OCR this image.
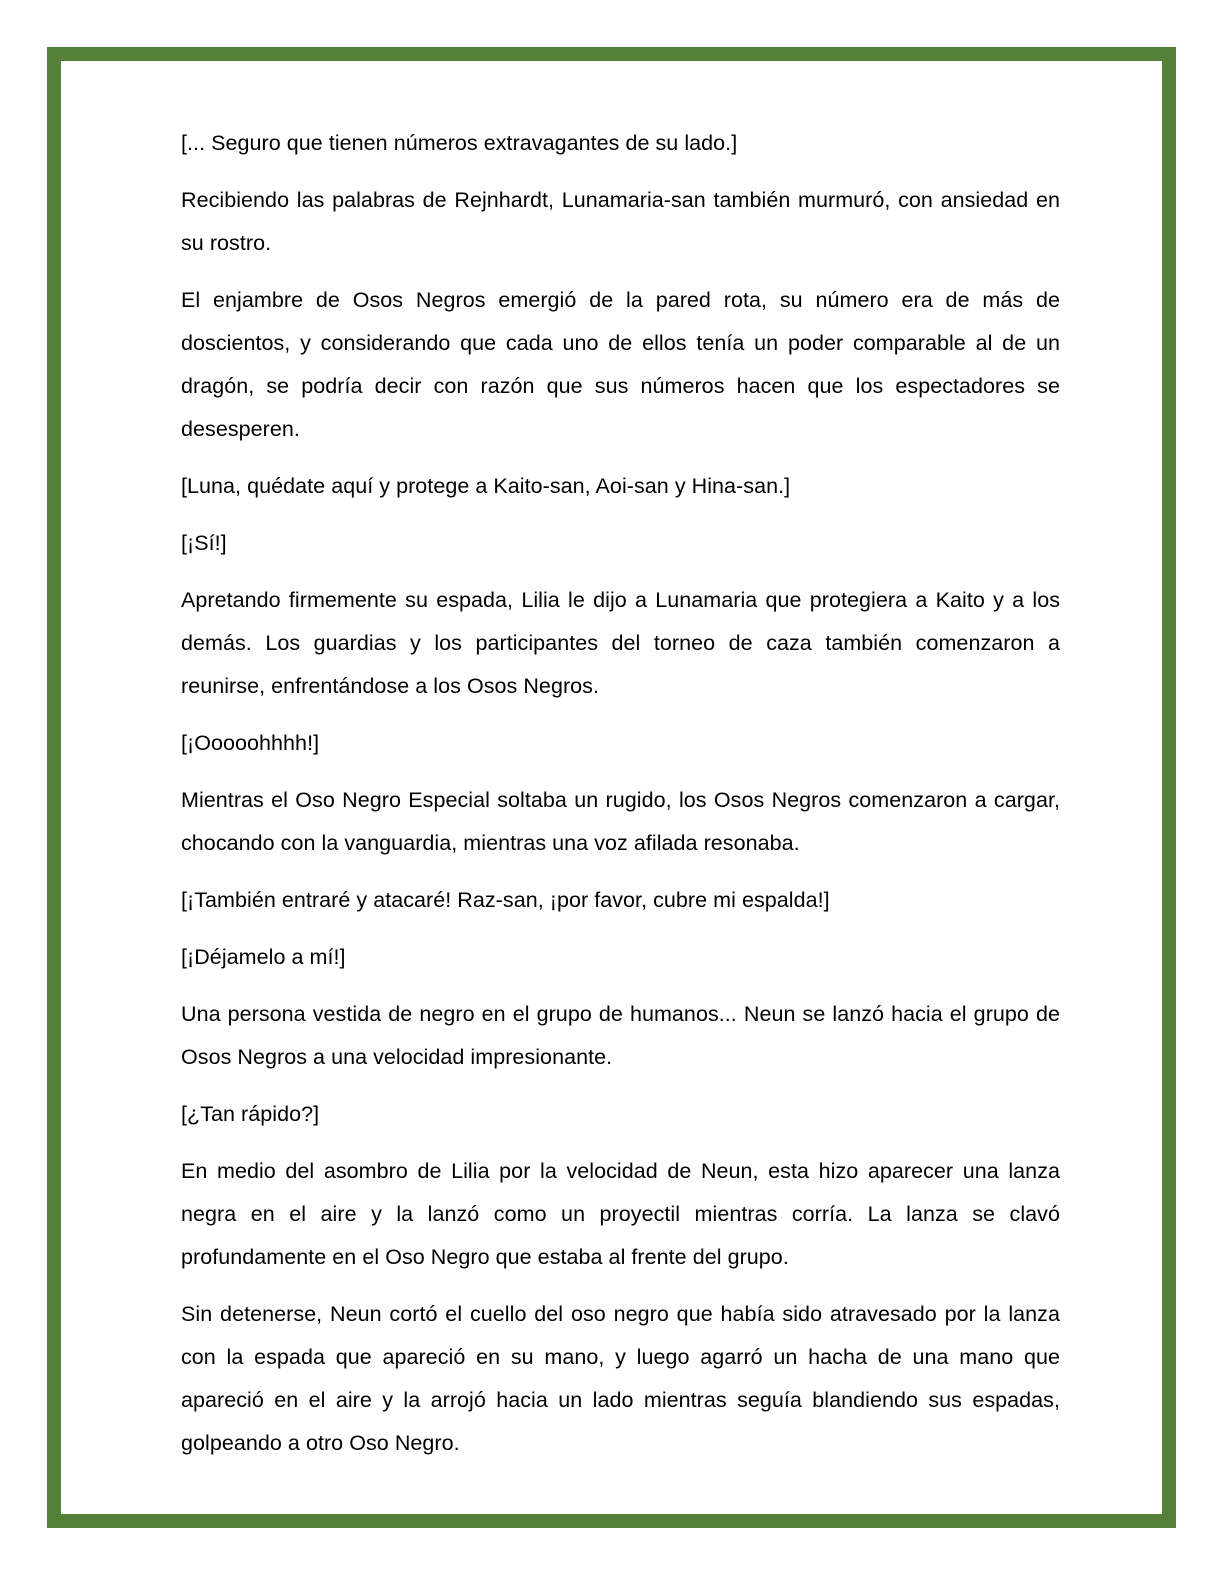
[... Seguro que tienen números extravagantes de su lado.]

Recibiendo las palabras de Rejnhardt, Lunamaria-san también murmuró, con ansiedad en su rostro.

El enjambre de Osos Negros emergió de la pared rota, su número era de más de doscientos, y considerando que cada uno de ellos tenía un poder comparable al de un dragón, se podría decir con razón que sus números hacen que los espectadores se desesperen.

[Luna, quédate aquí y protege a Kaito-san, Aoi-san y Hina-san.]

[¡Sí!]

Apretando firmemente su espada, Lilia le dijo a Lunamaria que protegiera a Kaito y a los demás. Los guardias y los participantes del torneo de caza también comenzaron a reunirse, enfrentándose a los Osos Negros.

[¡Ooooohhhh!]

Mientras el Oso Negro Especial soltaba un rugido, los Osos Negros comenzaron a cargar, chocando con la vanguardia, mientras una voz afilada resonaba.

[¡También entraré y atacaré! Raz-san, ¡por favor, cubre mi espalda!]

[¡Déjamelo a mí!]

Una persona vestida de negro en el grupo de humanos... Neun se lanzó hacia el grupo de Osos Negros a una velocidad impresionante.

[¿Tan rápido?]

En medio del asombro de Lilia por la velocidad de Neun, esta hizo aparecer una lanza negra en el aire y la lanzó como un proyectil mientras corría. La lanza se clavó profundamente en el Oso Negro que estaba al frente del grupo.

Sin detenerse, Neun cortó el cuello del oso negro que había sido atravesado por la lanza con la espada que apareció en su mano, y luego agarró un hacha de una mano que apareció en el aire y la arrojó hacia un lado mientras seguía blandiendo sus espadas, golpeando a otro Oso Negro.
